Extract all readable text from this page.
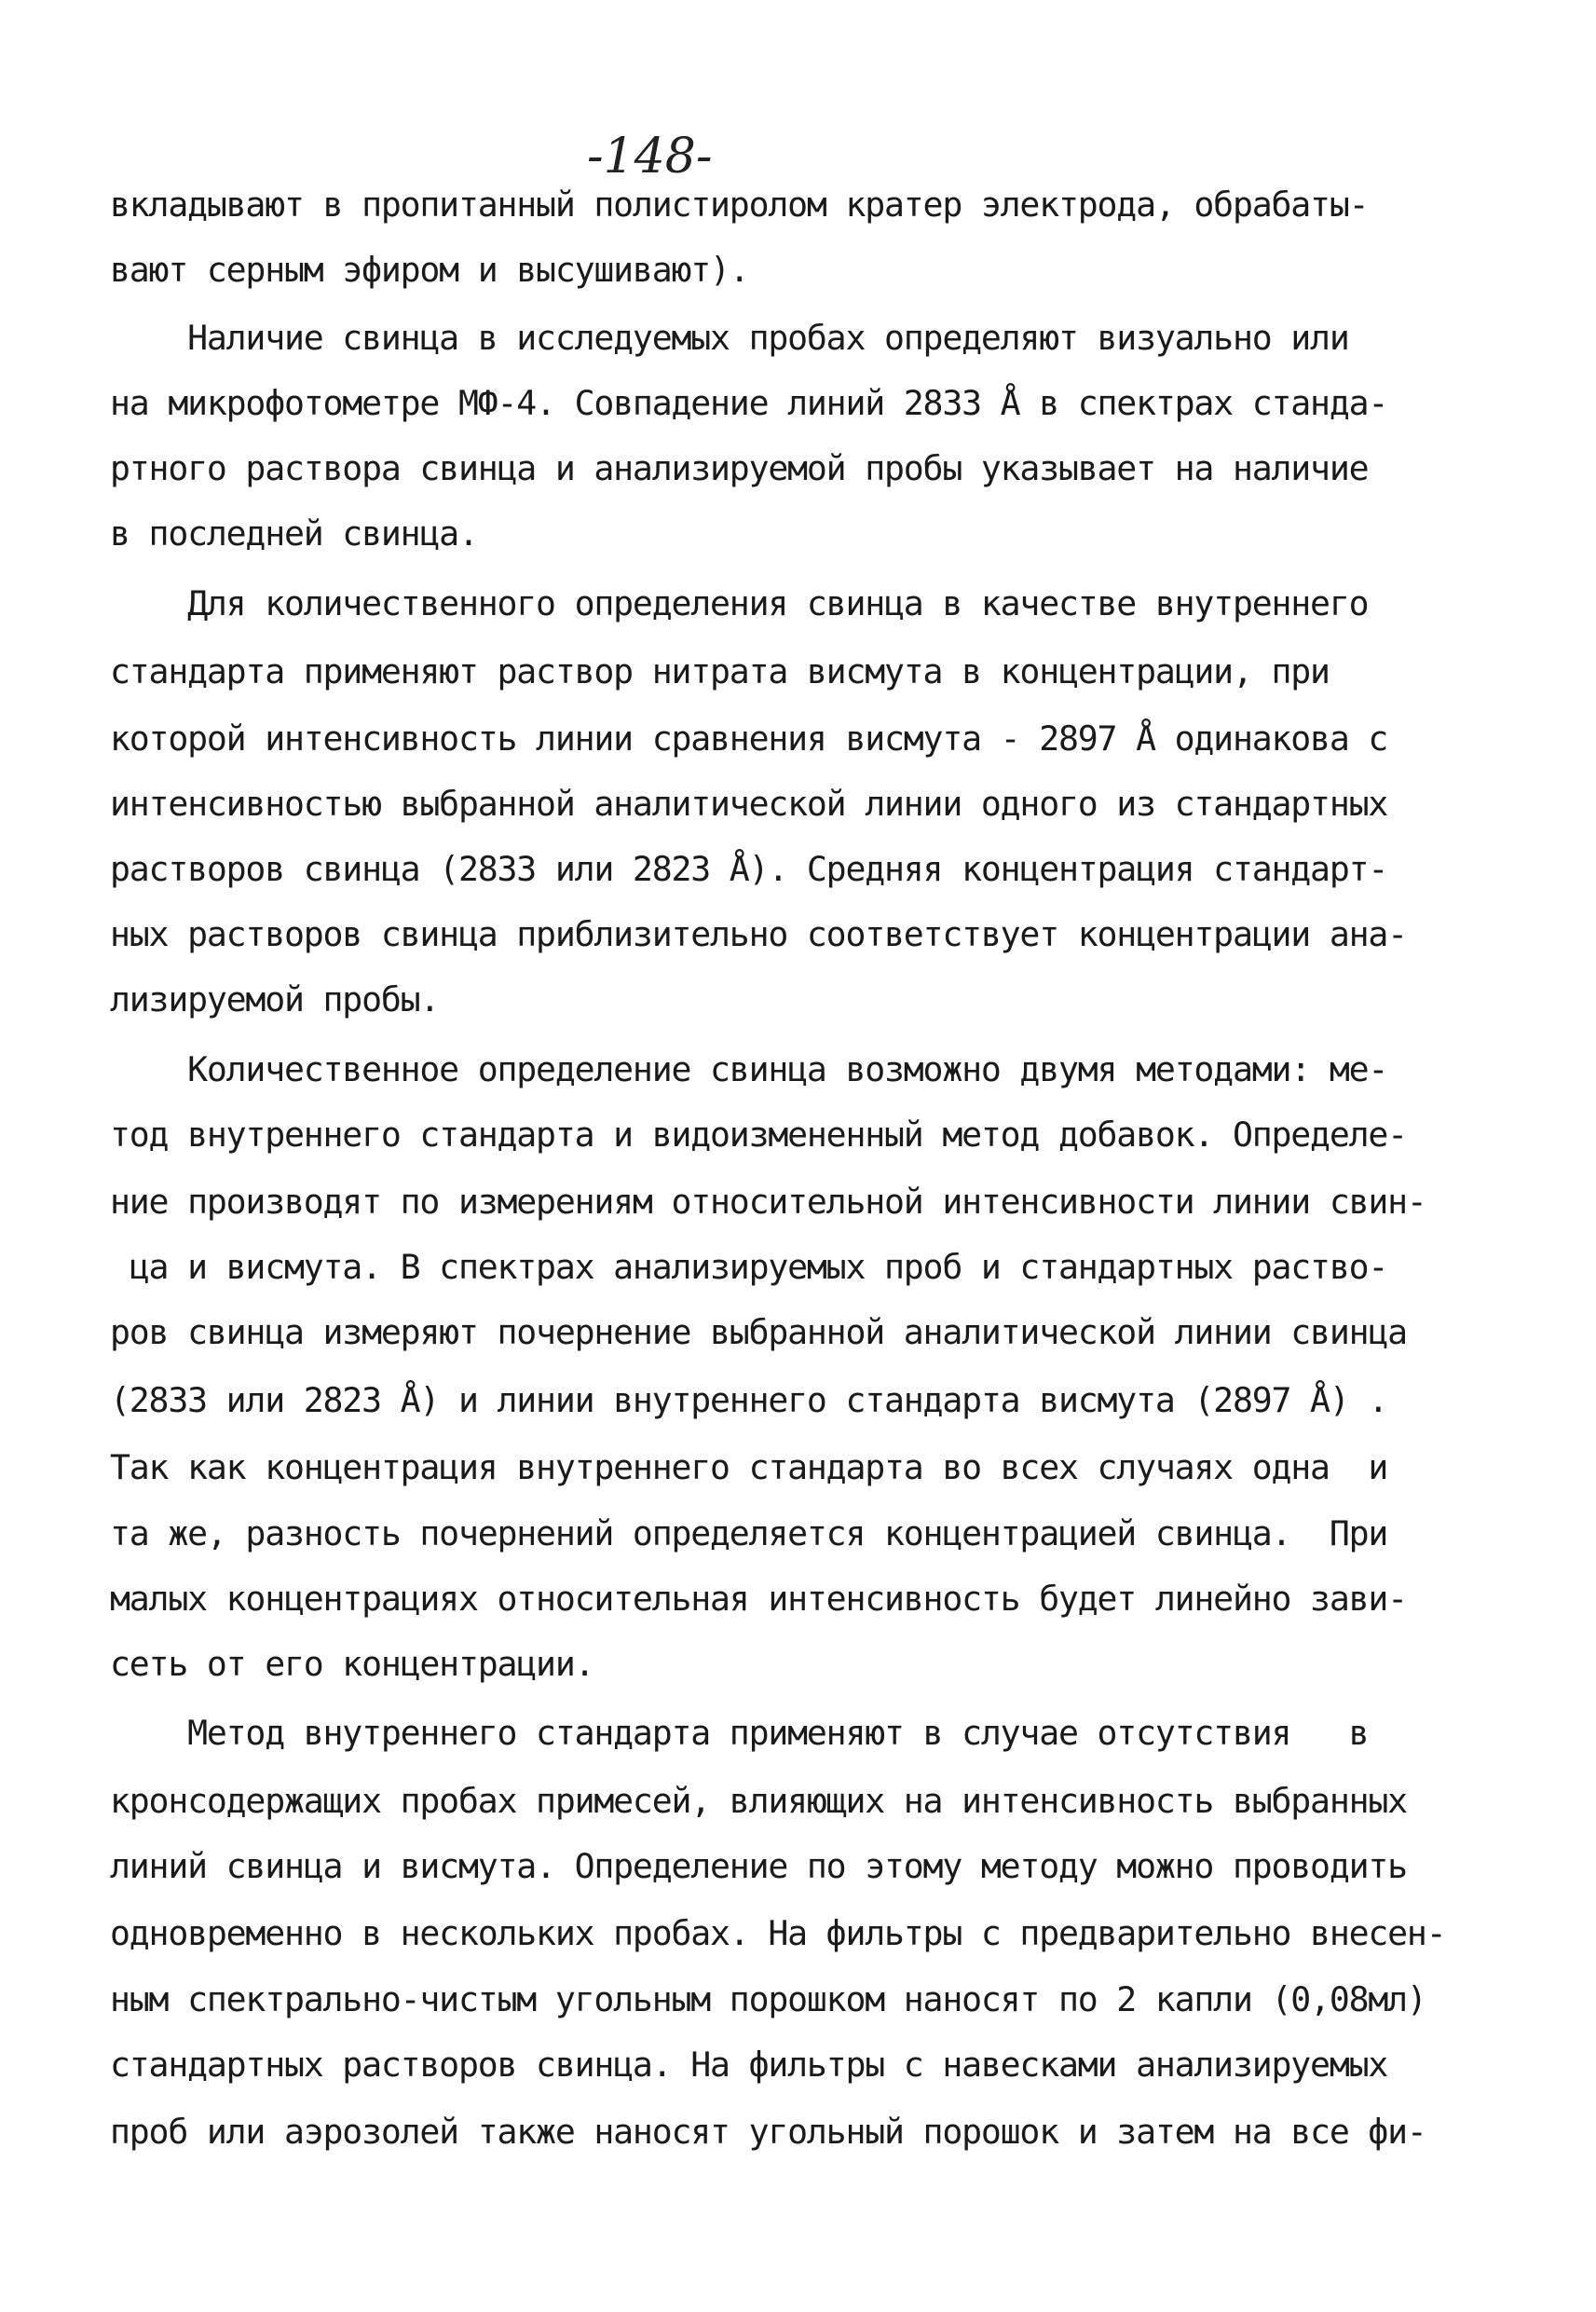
-148-
вкладывают в пропитанный полистиролом кратер электрода, обрабаты-
вают серным эфиром и высушивают).
Наличие свинца в исследуемых пробах определяют визуально или
на микрофотометре МФ-4. Совпадение линий 2833 Å в спектрах станда-
ртного раствора свинца и анализируемой пробы указывает на наличие
в последней свинца.
Для количественного определения свинца в качестве внутреннего
стандарта применяют раствор нитрата висмута в концентрации, при
которой интенсивность линии сравнения висмута - 2897 Å одинакова с
интенсивностью выбранной аналитической линии одного из стандартных
растворов свинца (2833 или 2823 Å). Средняя концентрация стандарт-
ных растворов свинца приблизительно соответствует концентрации ана-
лизируемой пробы.
Количественное определение свинца возможно двумя методами: ме-
тод внутреннего стандарта и видоизмененный метод добавок. Определе-
ние производят по измерениям относительной интенсивности линии свин-
ца и висмута. В спектрах анализируемых проб и стандартных раство-
ров свинца измеряют почернение выбранной аналитической линии свинца
(2833 или 2823 Å) и линии внутреннего стандарта висмута (2897 Å) .
Так как концентрация внутреннего стандарта во всех случаях одна  и
та же, разность почернений определяется концентрацией свинца.  При
малых концентрациях относительная интенсивность будет линейно зави-
сеть от его концентрации.
Метод внутреннего стандарта применяют в случае отсутствия   в
кронсодержащих пробах примесей, влияющих на интенсивность выбранных
линий свинца и висмута. Определение по этому методу можно проводить
одновременно в нескольких пробах. На фильтры с предварительно внесен-
ным спектрально-чистым угольным порошком наносят по 2 капли (0,08мл)
стандартных растворов свинца. На фильтры с навесками анализируемых
проб или аэрозолей также наносят угольный порошок и затем на все фи-
